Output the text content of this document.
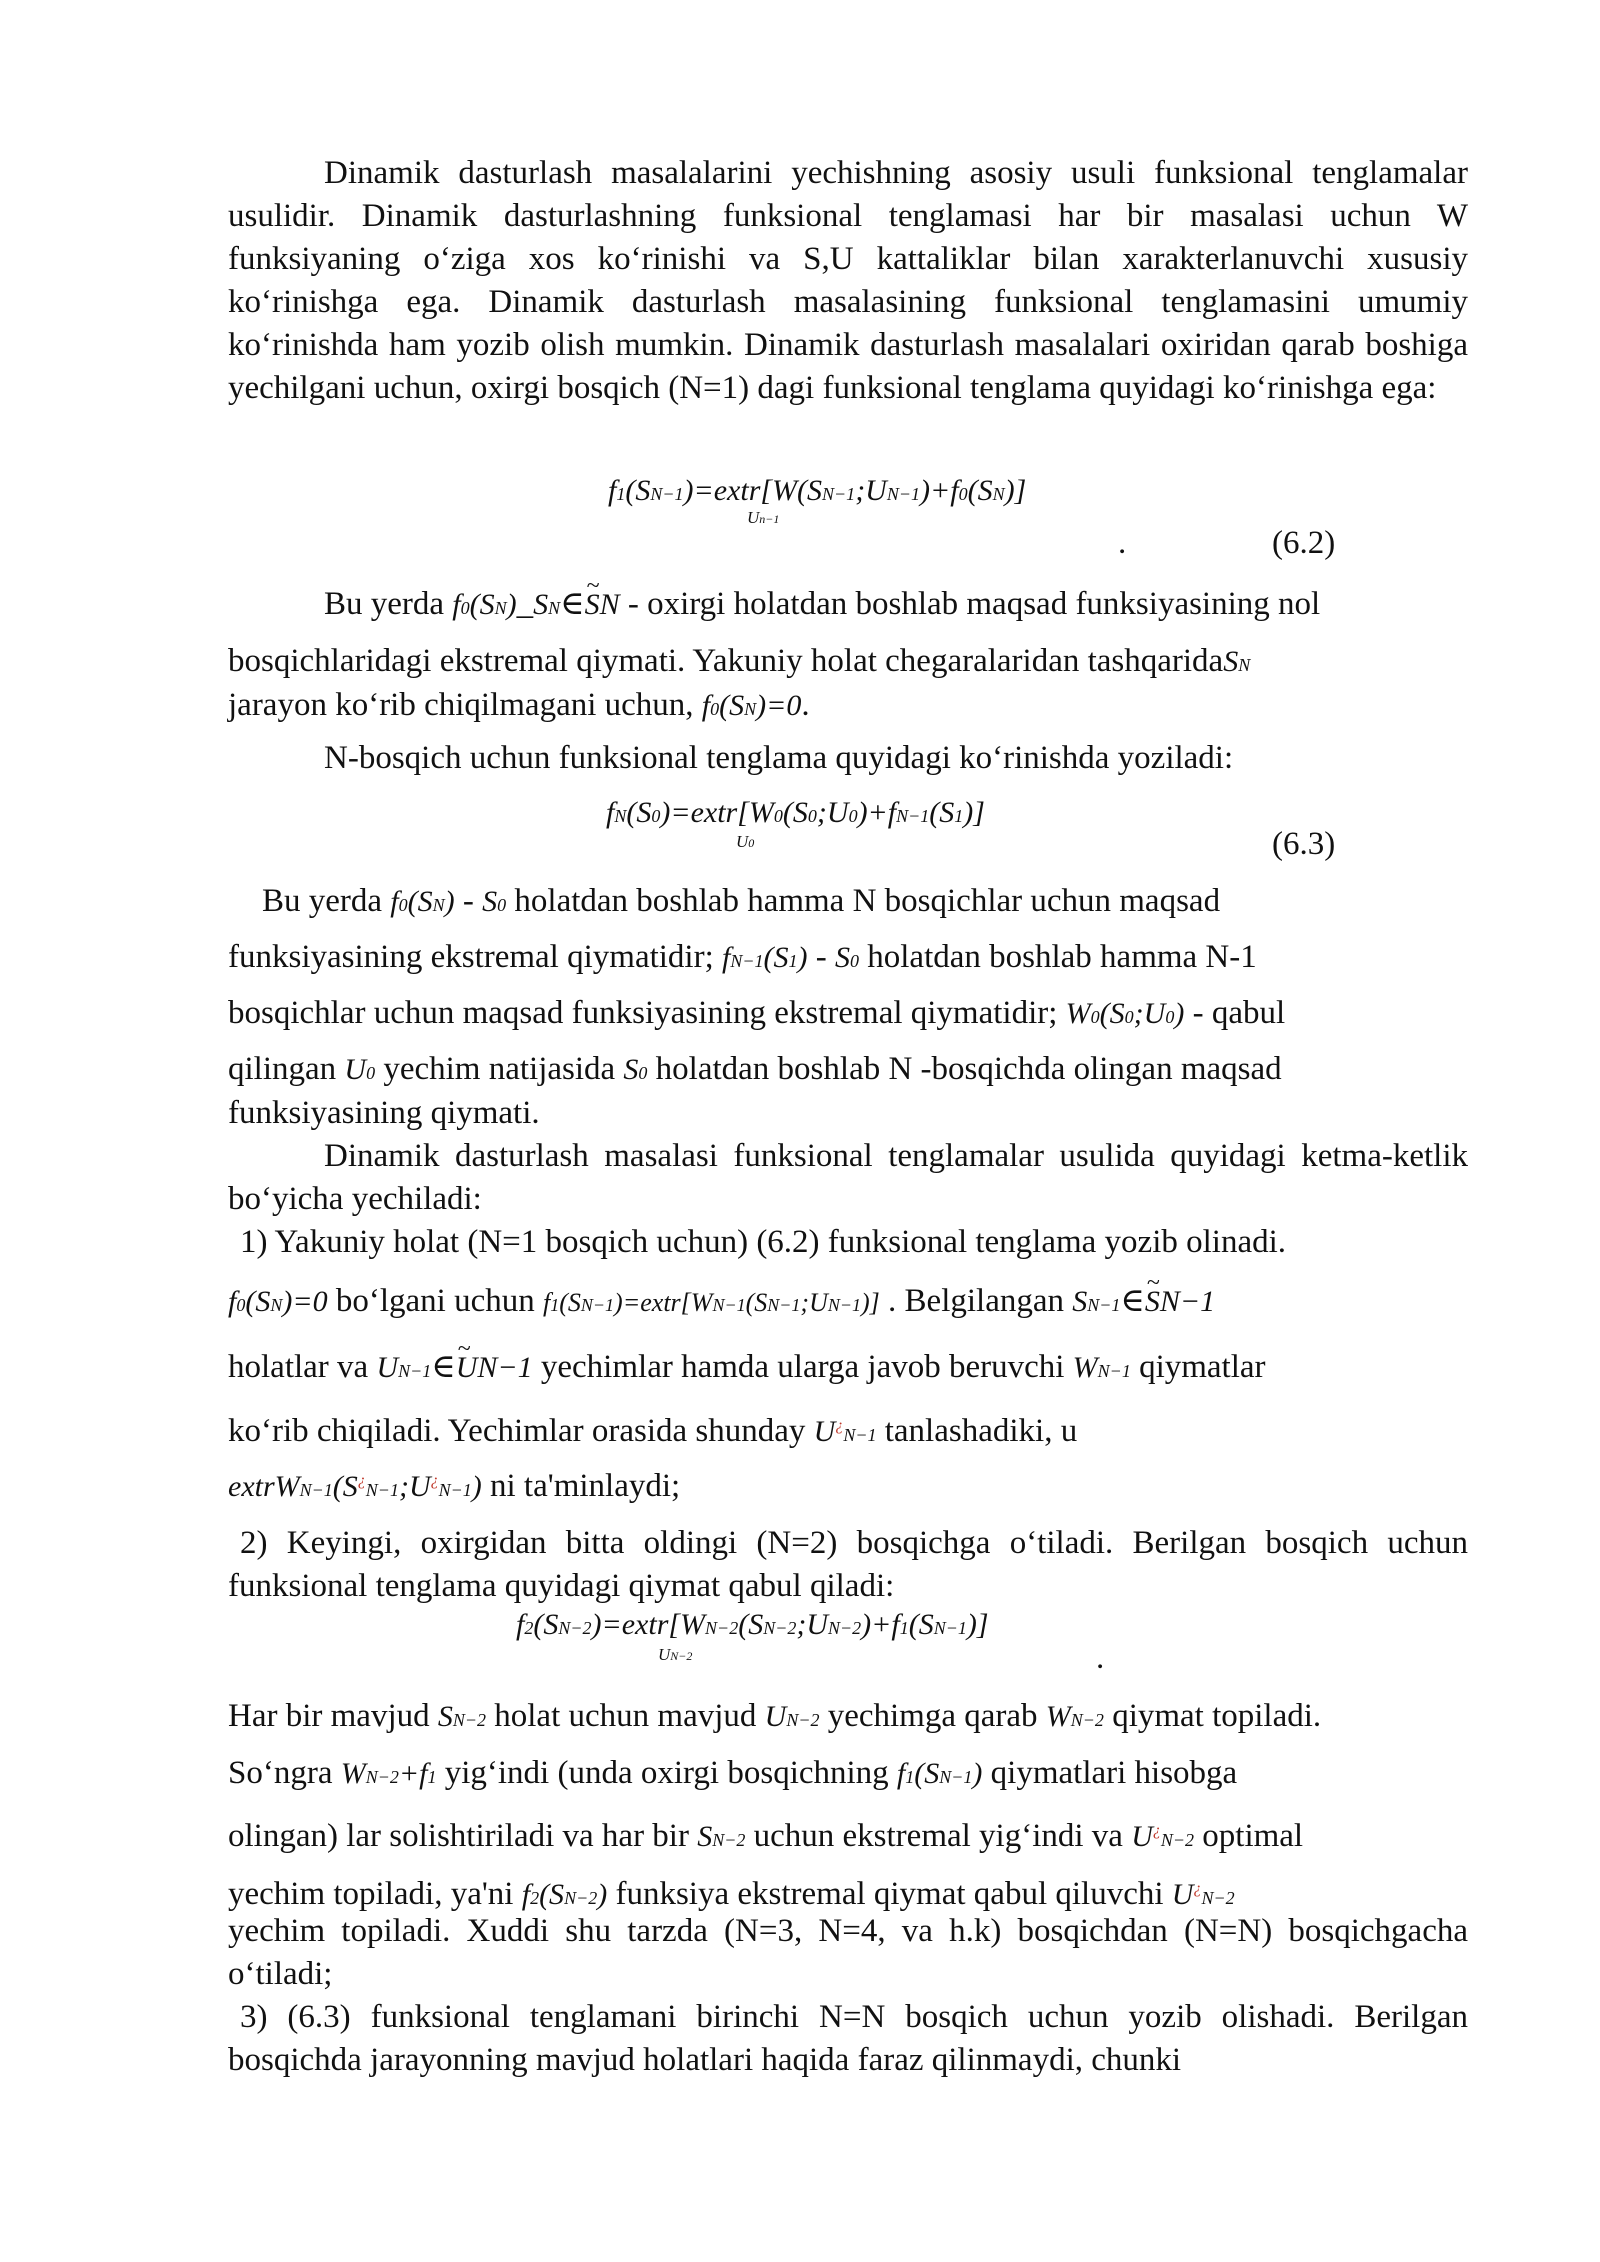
Dinamik dasturlash masalalarini yechishning asosiy usuli funksional tenglamalar usulidir. Dinamik dasturlashning funksional tenglamasi har bir masalasi uchun W funksiyaning o‘ziga xos ko‘rinishi va S,U kattaliklar bilan xarakterlanuvchi xususiy ko‘rinishga ega. Dinamik dasturlash masalasining funksional tenglamasini umumiy ko‘rinishda ham yozib olish mumkin. Dinamik dasturlash masalalari oxiridan qarab boshiga yechilgani uchun, oxirgi bosqich (N=1) dagi funksional tenglama quyidagi ko‘rinishga ega:

f1(SN−1)=extr[W(SN−1;UN−1)+f0(SN)]
Un−1
.	(6.2)
Bu yerda f0(SN)_SN∈~ SN - oxirgi holatdan boshlab maqsad funksiyasining nol
bosqichlaridagi ekstremal qiymati. Yakuniy holat chegaralaridan tashqaridaSN
jarayon ko‘rib chiqilmagani uchun, f0(SN)=0.
N-bosqich uchun funksional tenglama quyidagi ko‘rinishda yoziladi:
fN(S0)=extr[W0(S0;U0)+fN−1(S1)]
U0	(6.3)
Bu yerda f0(SN) - S0 holatdan boshlab hamma N bosqichlar uchun maqsad
funksiyasining ekstremal qiymatidir; fN−1(S1) - S0 holatdan boshlab hamma N-1
bosqichlar uchun maqsad funksiyasining ekstremal qiymatidir; W0(S0;U0) - qabul
qilingan U0 yechim natijasida S0 holatdan boshlab N -bosqichda olingan maqsad
funksiyasining qiymati.

Dinamik dasturlash masalasi funksional tenglamalar usulida quyidagi ketma-ketlik bo‘yicha yechiladi:

1) Yakuniy holat (N=1 bosqich uchun) (6.2) funksional tenglama yozib olinadi.
f0(SN)=0 bo‘lgani uchun f1(SN−1)=extr[WN−1(SN−1;UN−1)] . Belgilangan SN−1∈~ SN−1
holatlar va UN−1∈~ UN−1 yechimlar hamda ularga javob beruvchi WN−1 qiymatlar
ko‘rib chiqiladi. Yechimlar orasida shunday U¿N−1 tanlashadiki, u
extrWN−1(S¿N−1;U¿N−1) ni ta'minlaydi;

2) Keyingi, oxirgidan bitta oldingi (N=2) bosqichga o‘tiladi. Berilgan bosqich uchun funksional tenglama quyidagi qiymat qabul qiladi:

f2(SN−2)=extr[WN−2(SN−2;UN−2)+f1(SN−1)]
UN−2	.
Har bir mavjud SN−2 holat uchun mavjud UN−2 yechimga qarab WN−2 qiymat topiladi.
So‘ngra WN−2+f1 yig‘indi (unda oxirgi bosqichning f1(SN−1) qiymatlari hisobga
olingan) lar solishtiriladi va har bir SN−2 uchun ekstremal yig‘indi va U¿N−2 optimal
yechim topiladi, ya'ni f2(SN−2) funksiya ekstremal qiymat qabul qiluvchi U¿N−2

yechim topiladi. Xuddi shu tarzda (N=3, N=4, va h.k) bosqichdan (N=N) bosqichgacha o‘tiladi;

3) (6.3) funksional tenglamani birinchi N=N bosqich uchun yozib olishadi. Berilgan bosqichda jarayonning mavjud holatlari haqida faraz qilinmaydi, chunki
